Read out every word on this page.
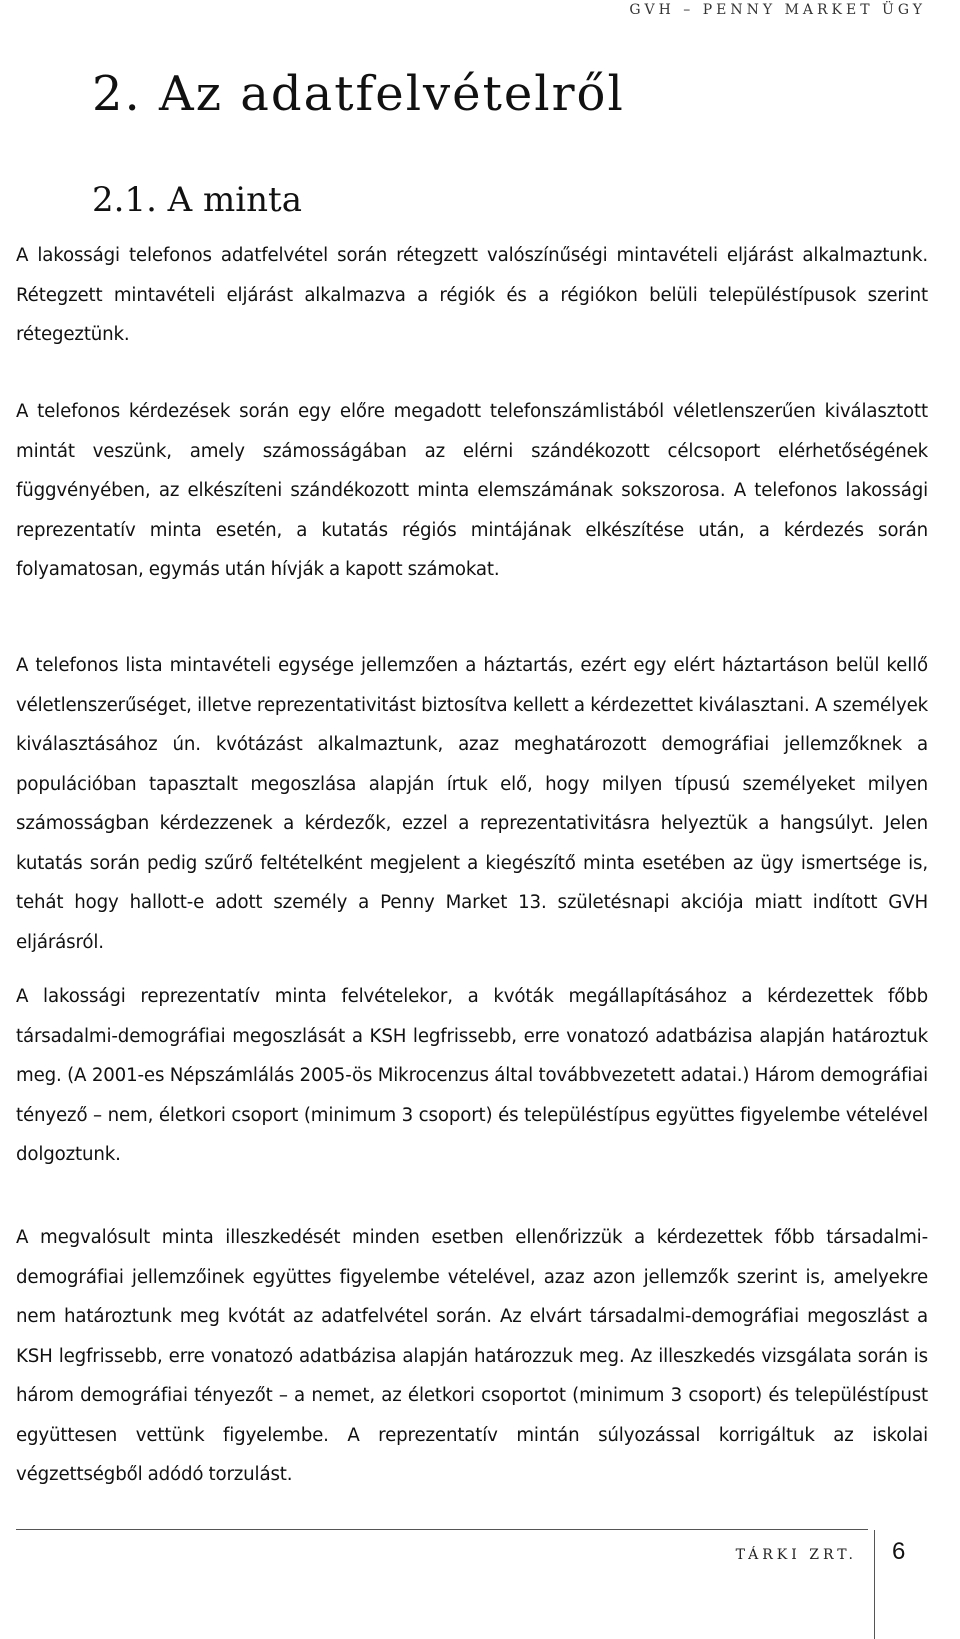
GVH – PENNY MARKET ÜGY
2. Az adatfelvételről
2.1. A minta

A lakossági telefonos adatfelvétel során rétegzett valószínűségi mintavételi eljárást alkalmaztunk. Rétegzett mintavételi eljárást alkalmazva a régiók és a régiókon belüli településtípusok szerint rétegeztünk.

A telefonos kérdezések során egy előre megadott telefonszámlistából véletlenszerűen kiválasztott mintát veszünk, amely számosságában az elérni szándékozott célcsoport elérhetőségének függvényében, az elkészíteni szándékozott minta elemszámának sokszorosa. A telefonos lakossági reprezentatív minta esetén, a kutatás régiós mintájának elkészítése után, a kérdezés során folyamatosan, egymás után hívják a kapott számokat.

A telefonos lista mintavételi egysége jellemzően a háztartás, ezért egy elért háztartáson belül kellő véletlenszerűséget, illetve reprezentativitást biztosítva kellett a kérdezettet kiválasztani. A személyek kiválasztásához ún. kvótázást alkalmaztunk, azaz meghatározott demográfiai jellemzőknek a populációban tapasztalt megoszlása alapján írtuk elő, hogy milyen típusú személyeket milyen számosságban kérdezzenek a kérdezők, ezzel a reprezentativitásra helyeztük a hangsúlyt. Jelen kutatás során pedig szűrő feltételként megjelent a kiegészítő minta esetében az ügy ismertsége is, tehát hogy hallott-e adott személy a Penny Market 13. születésnapi akciója miatt indított GVH eljárásról.

A lakossági reprezentatív minta felvételekor, a kvóták megállapításához a kérdezettek főbb társadalmi-demográfiai megoszlását a KSH legfrissebb, erre vonatozó adatbázisa alapján határoztuk meg. (A 2001-es Népszámlálás 2005-ös Mikrocenzus által továbbvezetett adatai.) Három demográfiai tényező – nem, életkori csoport (minimum 3 csoport) és településtípus együttes figyelembe vételével dolgoztunk.

A megvalósult minta illeszkedését minden esetben ellenőrizzük a kérdezettek főbb társadalmi-demográfiai jellemzőinek együttes figyelembe vételével, azaz azon jellemzők szerint is, amelyekre nem határoztunk meg kvótát az adatfelvétel során. Az elvárt társadalmi-demográfiai megoszlást a KSH legfrissebb, erre vonatozó adatbázisa alapján határozzuk meg. Az illeszkedés vizsgálata során is három demográfiai tényezőt – a nemet, az életkori csoportot (minimum 3 csoport) és településtípust együttesen vettünk figyelembe. A reprezentatív mintán súlyozással korrigáltuk az iskolai végzettségből adódó torzulást.

TÁRKI ZRT. 6
